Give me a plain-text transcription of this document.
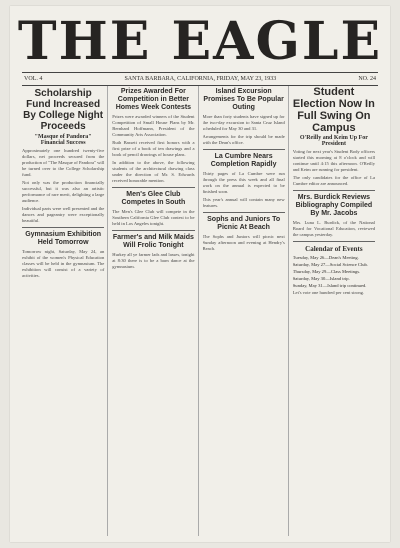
THE EAGLE
VOL. 4	SANTA BARBARA, CALIFORNIA, FRIDAY, MAY 23, 1933	NO. 24
Scholarship Fund Increased By College Night Proceeds
"Masque of Pandora" Financial Success

Approximately one hundred twenty-five dollars, net proceeds secured from the production of "The Masque of Pandora" will be turned over to the College Scholarship fund.

Not only was the production financially successful, but it was also an artistic performance of rare merit, delighting a large audience.

Individual parts were well presented and the dances and pageantry were exceptionally beautiful.

Gymnasium Exhibition Held Tomorrow

Tomorrow night, Saturday, May 24, an exhibit of the women's Physical Education classes will be held in the gymnasium. The exhibition will consist of a variety of activities.

Prizes Awarded For Competition in Better Homes Week Contests

Prizes were awarded winners of the Student Competition of Small House Plans by Mr. Bernhard Hoffmann, President of the Community Arts Association.

Ruth Bassett received first honors with a first prize of a book of ten drawings and a book of pencil drawings of house plans.

In addition to the above, the following students of the architectural drawing class under the direction of Mr. S. Edwards received honorable mention.

Men's Glee Club Competes In South

The Men's Glee Club will compete in the Southern California Glee Club contest to be held in Los Angeles tonight.

Farmer's and Milk Maids Will Frolic Tonight

Hurkey all ye farmer lads and lasses, tonight at 8:30 there is to be a barn dance at the gymnasium.

Island Excursion Promises To Be Popular Outing

More than forty students have signed up for the two-day excursion to Santa Cruz Island scheduled for May 30 and 31.

Arrangements for the trip should be made with the Dean's office.

La Cumbre Nears Completion Rapidly

Thirty pages of La Cumbre were run through the press this week and all final work on the annual is expected to be finished soon.

This year's annual will contain many new features.

Sophs and Juniors To Picnic At Beach

The Sophs and Juniors will picnic next Sunday afternoon and evening at Hendry's Beach.

Student Election Now In Full Swing On Campus
O'Reilly and Keim Up For President

Voting for next year's Student Body officers started this morning at 8 o'clock and will continue until 4:15 this afternoon. O'Reilly and Keim are running for president.

The only candidates for the office of La Cumbre editor are announced.

Mrs. Burdick Reviews Bibliography Compiled By Mr. Jacobs

Mrs. Luna L. Burdick, of the National Board for Vocational Education, reviewed the campus yesterday.

Calendar of Events
Tuesday, May 26—Dean's Meeting.
Saturday, May 27—Social Science Club.
Thursday, May 29—Class Meetings.
Saturday, May 30—Island trip.
Sunday, May 31—Island trip continued.

Let's vote one hundred per cent strong.
